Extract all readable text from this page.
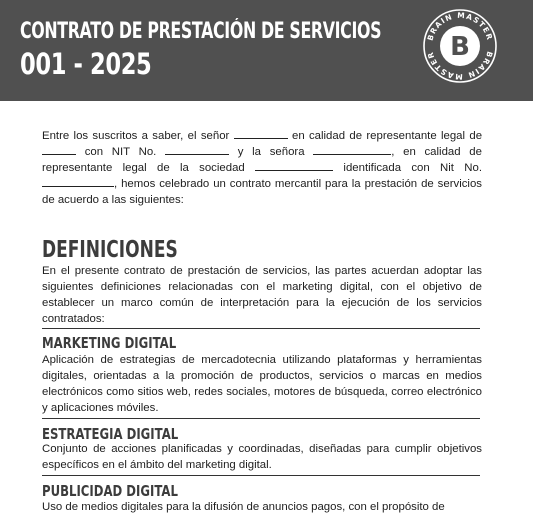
CONTRATO DE PRESTACIÓN DE SERVICIOS
001 - 2025
BRAIN MASTER
BRAIN MASTER B
Entre los suscritos a saber, el señor	en calidad de representante legal de  con NIT No.	y la señora	, en calidad de representante legal de la sociedad	identificada con Nit No. , hemos celebrado un contrato mercantil para la prestación de servicios de acuerdo a las siguientes:
DEFINICIONES
En el presente contrato de prestación de servicios, las partes acuerdan adoptar las siguientes definiciones relacionadas con el marketing digital, con el objetivo de establecer un marco común de interpretación para la ejecución de los servicios contratados:
MARKETING DIGITAL
Aplicación de estrategias de mercadotecnia utilizando plataformas y herramientas digitales, orientadas a la promoción de productos, servicios o marcas en medios electrónicos como sitios web, redes sociales, motores de búsqueda, correo electrónico y aplicaciones móviles.
ESTRATEGIA DIGITAL
Conjunto de acciones planificadas y coordinadas, diseñadas para cumplir objetivos específicos en el ámbito del marketing digital.
PUBLICIDAD DIGITAL
Uso de medios digitales para la difusión de anuncios pagos, con el propósito de
